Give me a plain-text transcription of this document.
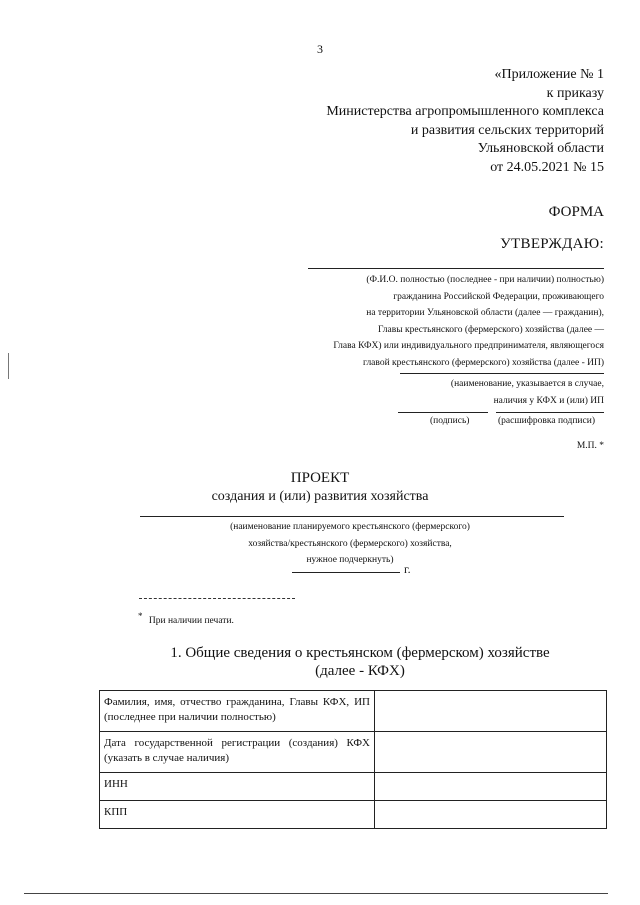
3
«Приложение № 1
к приказу
Министерства агропромышленного комплекса
и развития сельских территорий
Ульяновской области
от 24.05.2021 № 15
ФОРМА
УТВЕРЖДАЮ:
(Ф.И.О. полностью (последнее - при наличии) полностью)
гражданина Российской Федерации, проживающего
на территории Ульяновской области (далее — гражданин),
Главы крестьянского (фермерского) хозяйства (далее —
Глава КФХ) или индивидуального предпринимателя, являющегося
главой крестьянского (фермерского) хозяйства (далее - ИП)
(наименование, указывается в случае,
наличия у КФХ и (или) ИП
(подпись)	(расшифровка подписи)
М.П. *
ПРОЕКТ
создания и (или) развития хозяйства
(наименование планируемого крестьянского (фермерского)
хозяйства/крестьянского (фермерского) хозяйства,
нужное подчеркнуть)
г.
* При наличии печати.
1. Общие сведения о крестьянском (фермерском) хозяйстве
(далее - КФХ)
Фамилия, имя, отчество гражданина, Главы КФХ, ИП (последнее при наличии полностью)	
Дата государственной регистрации (создания) КФХ (указать в случае наличия)	
ИНН	
КПП	
